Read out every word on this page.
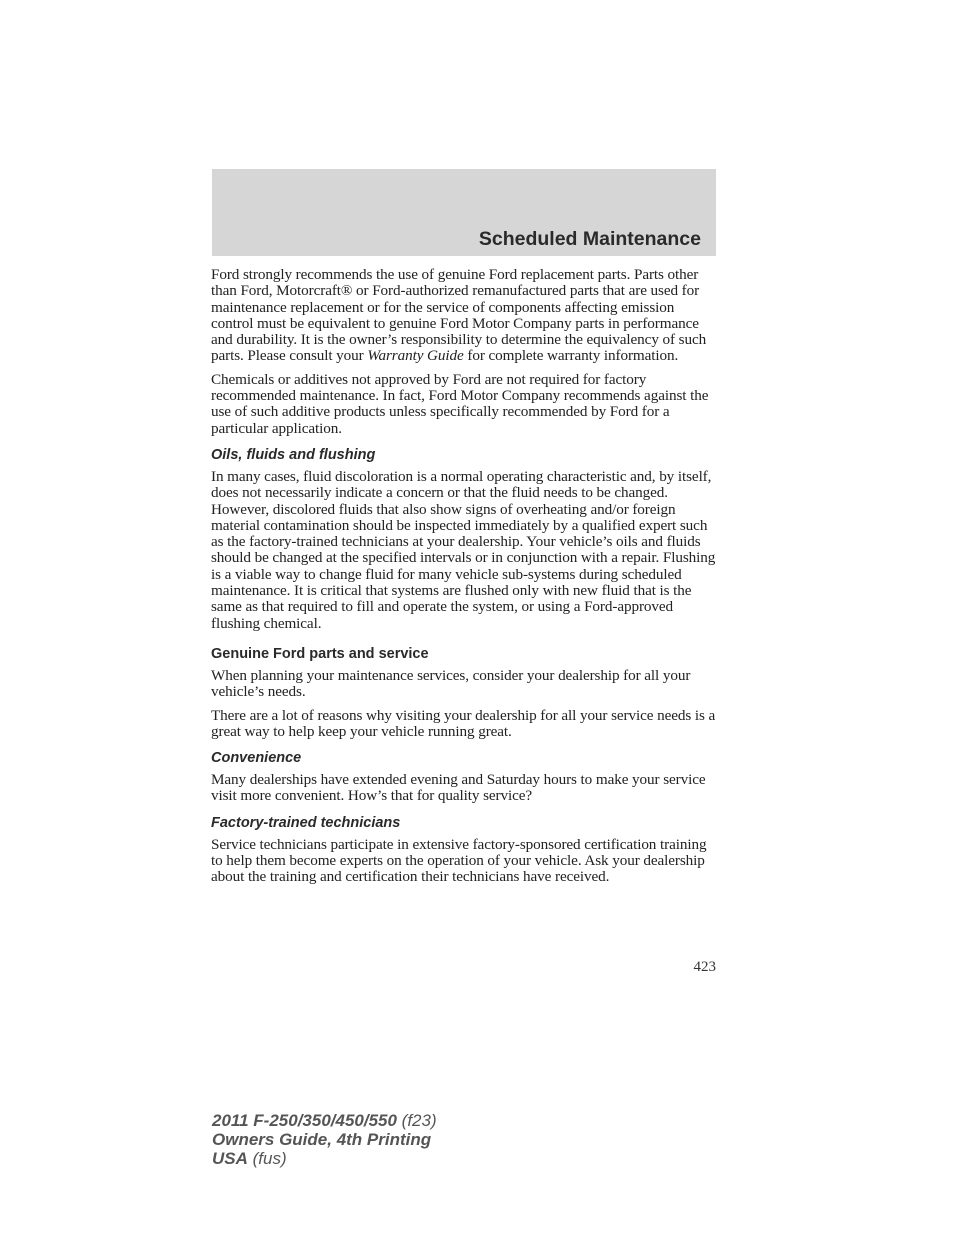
Scheduled Maintenance

Ford strongly recommends the use of genuine Ford replacement parts. Parts other than Ford, Motorcraft® or Ford-authorized remanufactured parts that are used for maintenance replacement or for the service of components affecting emission control must be equivalent to genuine Ford Motor Company parts in performance and durability. It is the owner’s responsibility to determine the equivalency of such parts. Please consult your Warranty Guide for complete warranty information.

Chemicals or additives not approved by Ford are not required for factory recommended maintenance. In fact, Ford Motor Company recommends against the use of such additive products unless specifically recommended by Ford for a particular application.

Oils, fluids and flushing

In many cases, fluid discoloration is a normal operating characteristic and, by itself, does not necessarily indicate a concern or that the fluid needs to be changed. However, discolored fluids that also show signs of overheating and/or foreign material contamination should be inspected immediately by a qualified expert such as the factory-trained technicians at your dealership. Your vehicle’s oils and fluids should be changed at the specified intervals or in conjunction with a repair. Flushing is a viable way to change fluid for many vehicle sub-systems during scheduled maintenance. It is critical that systems are flushed only with new fluid that is the same as that required to fill and operate the system, or using a Ford-approved flushing chemical.

Genuine Ford parts and service

When planning your maintenance services, consider your dealership for all your vehicle’s needs.

There are a lot of reasons why visiting your dealership for all your service needs is a great way to help keep your vehicle running great.

Convenience

Many dealerships have extended evening and Saturday hours to make your service visit more convenient. How’s that for quality service?

Factory-trained technicians

Service technicians participate in extensive factory-sponsored certification training to help them become experts on the operation of your vehicle. Ask your dealership about the training and certification their technicians have received.

423
2011 F-250/350/450/550 (f23)
Owners Guide, 4th Printing
USA (fus)
